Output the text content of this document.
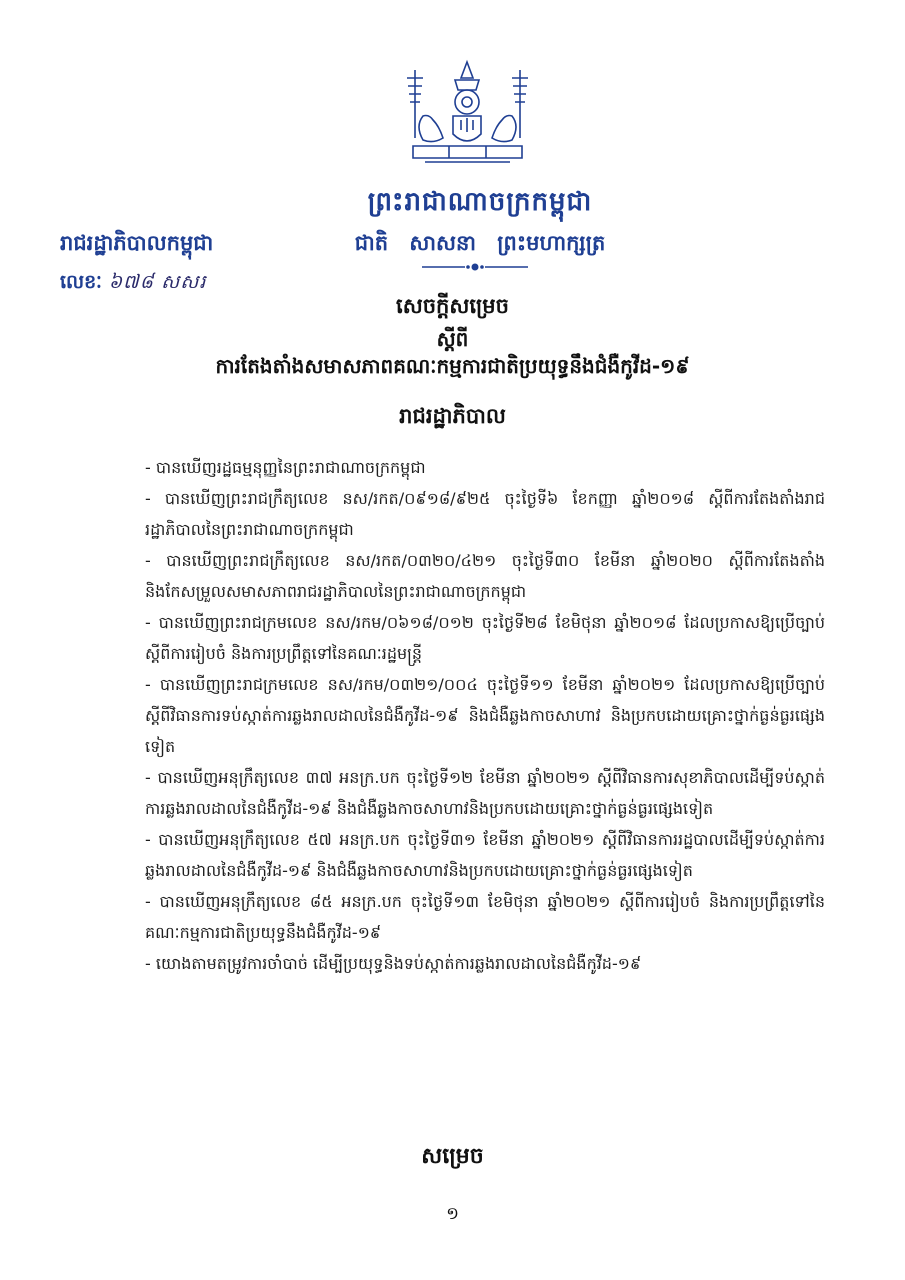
ព្រះរាជាណាចក្រកម្ពុជា
ជាតិ សាសនា ព្រះមហាក្សត្រ
រាជរដ្ឋាភិបាលកម្ពុជា
លេខៈ ៦៧៨ សសរ
សេចក្តីសម្រេច
ស្តីពី
ការតែងតាំងសមាសភាពគណៈកម្មការជាតិប្រយុទ្ធនឹងជំងឺកូវីដ-១៩
រាជរដ្ឋាភិបាល
- បានឃើញរដ្ឋធម្មនុញ្ញនៃព្រះរាជាណាចក្រកម្ពុជា
- បានឃើញព្រះរាជក្រឹត្យលេខ នស/រកត/០៩១៨/៩២៥ ចុះថ្ងៃទី៦ ខែកញ្ញា ឆ្នាំ២០១៨ ស្តីពីការតែងតាំងរាជរដ្ឋាភិបាលនៃព្រះរាជាណាចក្រកម្ពុជា
- បានឃើញព្រះរាជក្រឹត្យលេខ នស/រកត/០៣២០/៤២១ ចុះថ្ងៃទី៣០ ខែមីនា ឆ្នាំ២០២០ ស្តីពីការតែងតាំង និងកែសម្រួលសមាសភាពរាជរដ្ឋាភិបាលនៃព្រះរាជាណាចក្រកម្ពុជា
- បានឃើញព្រះរាជក្រមលេខ នស/រកម/០៦១៨/០១២ ចុះថ្ងៃទី២៨ ខែមិថុនា ឆ្នាំ២០១៨ ដែលប្រកាសឱ្យប្រើច្បាប់ស្តីពីការរៀបចំ និងការប្រព្រឹត្តទៅនៃគណៈរដ្ឋមន្ត្រី
- បានឃើញព្រះរាជក្រមលេខ នស/រកម/០៣២១/០០៤ ចុះថ្ងៃទី១១ ខែមីនា ឆ្នាំ២០២១ ដែលប្រកាសឱ្យប្រើច្បាប់ស្តីពីវិធានការទប់ស្កាត់ការឆ្លងរាលដាលនៃជំងឺកូវីដ-១៩ និងជំងឺឆ្លងកាចសាហាវ និងប្រកបដោយគ្រោះថ្នាក់ធ្ងន់ធ្ងរផ្សេងទៀត
- បានឃើញអនុក្រឹត្យលេខ ៣៧ អនក្រ.បក ចុះថ្ងៃទី១២ ខែមីនា ឆ្នាំ២០២១ ស្តីពីវិធានការសុខាភិបាលដើម្បីទប់ស្កាត់ការឆ្លងរាលដាលនៃជំងឺកូវីដ-១៩ និងជំងឺឆ្លងកាចសាហាវនិងប្រកបដោយគ្រោះថ្នាក់ធ្ងន់ធ្ងរផ្សេងទៀត
- បានឃើញអនុក្រឹត្យលេខ ៥៧ អនក្រ.បក ចុះថ្ងៃទី៣១ ខែមីនា ឆ្នាំ២០២១ ស្តីពីវិធានការរដ្ឋបាលដើម្បីទប់ស្កាត់ការឆ្លងរាលដាលនៃជំងឺកូវីដ-១៩ និងជំងឺឆ្លងកាចសាហាវនិងប្រកបដោយគ្រោះថ្នាក់ធ្ងន់ធ្ងរផ្សេងទៀត
- បានឃើញអនុក្រឹត្យលេខ ៨៥ អនក្រ.បក ចុះថ្ងៃទី១៣ ខែមិថុនា ឆ្នាំ២០២១ ស្តីពីការរៀបចំ និងការប្រព្រឹត្តទៅនៃគណៈកម្មការជាតិប្រយុទ្ធនឹងជំងឺកូវីដ-១៩
- យោងតាមតម្រូវការចាំបាច់ ដើម្បីប្រយុទ្ធនិងទប់ស្កាត់ការឆ្លងរាលដាលនៃជំងឺកូវីដ-១៩
សម្រេច
១
